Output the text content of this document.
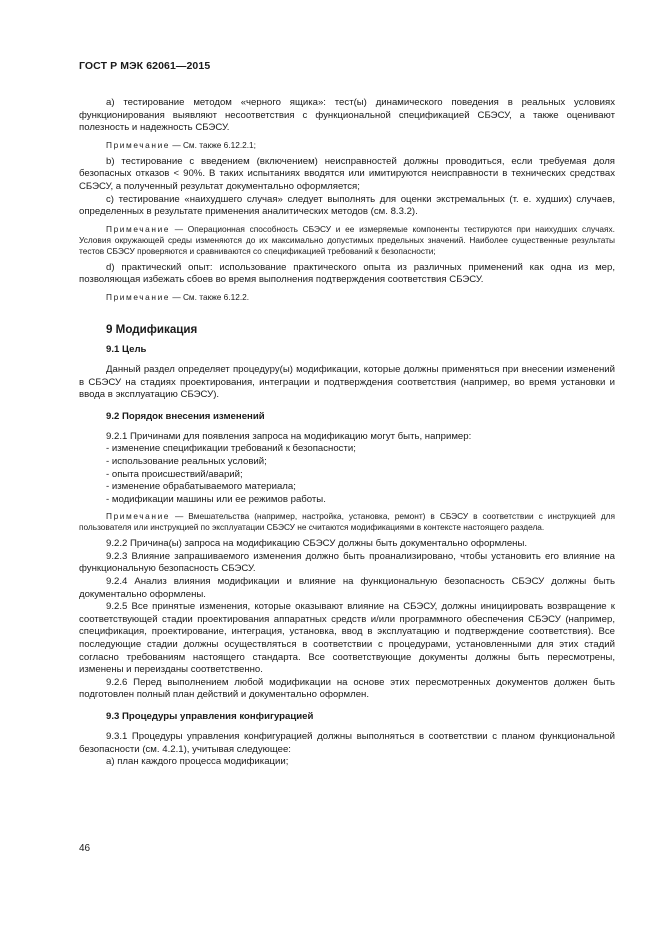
ГОСТ Р МЭК 62061—2015

а) тестирование методом «черного ящика»: тест(ы) динамического поведения в реальных условиях функционирования выявляют несоответствия с функциональной спецификацией СБЭСУ, а также оценивают полезность и надежность СБЭСУ.

Примечание — См. также 6.12.2.1;

b) тестирование с введением (включением) неисправностей должны проводиться, если требуемая доля безопасных отказов < 90%. В таких испытаниях вводятся или имитируются неисправности в технических средствах СБЭСУ, а полученный результат документально оформляется;

с) тестирование «наихудшего случая» следует выполнять для оценки экстремальных (т. е. худших) случаев, определенных в результате применения аналитических методов (см. 8.3.2).

Примечание — Операционная способность СБЭСУ и ее измеряемые компоненты тестируются при наихудших случаях. Условия окружающей среды изменяются до их максимально допустимых предельных значений. Наиболее существенные результаты тестов СБЭСУ проверяются и сравниваются со спецификацией требований к безопасности;

d) практический опыт: использование практического опыта из различных применений как одна из мер, позволяющая избежать сбоев во время выполнения подтверждения соответствия СБЭСУ.

Примечание — См. также 6.12.2.

9 Модификация
9.1 Цель

Данный раздел определяет процедуру(ы) модификации, которые должны применяться при внесении изменений в СБЭСУ на стадиях проектирования, интеграции и подтверждения соответствия (например, во время установки и ввода в эксплуатацию СБЭСУ).

9.2 Порядок внесения изменений

9.2.1 Причинами для появления запроса на модификацию могут быть, например:

- изменение спецификации требований к безопасности;
- использование реальных условий;
- опыта происшествий/аварий;
- изменение обрабатываемого материала;
- модификации машины или ее режимов работы.

Примечание — Вмешательства (например, настройка, установка, ремонт) в СБЭСУ в соответствии с инструкцией для пользователя или инструкцией по эксплуатации СБЭСУ не считаются модификациями в контексте настоящего раздела.

9.2.2 Причина(ы) запроса на модификацию СБЭСУ должны быть документально оформлены.

9.2.3 Влияние запрашиваемого изменения должно быть проанализировано, чтобы установить его влияние на функциональную безопасность СБЭСУ.

9.2.4 Анализ влияния модификации и влияние на функциональную безопасность СБЭСУ должны быть документально оформлены.

9.2.5 Все принятые изменения, которые оказывают влияние на СБЭСУ, должны инициировать возвращение к соответствующей стадии проектирования аппаратных средств и/или программного обеспечения СБЭСУ (например, спецификация, проектирование, интеграция, установка, ввод в эксплуатацию и подтверждение соответствия). Все последующие стадии должны осуществляться в соответствии с процедурами, установленными для этих стадий согласно требованиям настоящего стандарта. Все соответствующие документы должны быть пересмотрены, изменены и переизданы соответственно.

9.2.6 Перед выполнением любой модификации на основе этих пересмотренных документов должен быть подготовлен полный план действий и документально оформлен.

9.3 Процедуры управления конфигурацией

9.3.1 Процедуры управления конфигурацией должны выполняться в соответствии с планом функциональной безопасности (см. 4.2.1), учитывая следующее:

а) план каждого процесса модификации;

46
